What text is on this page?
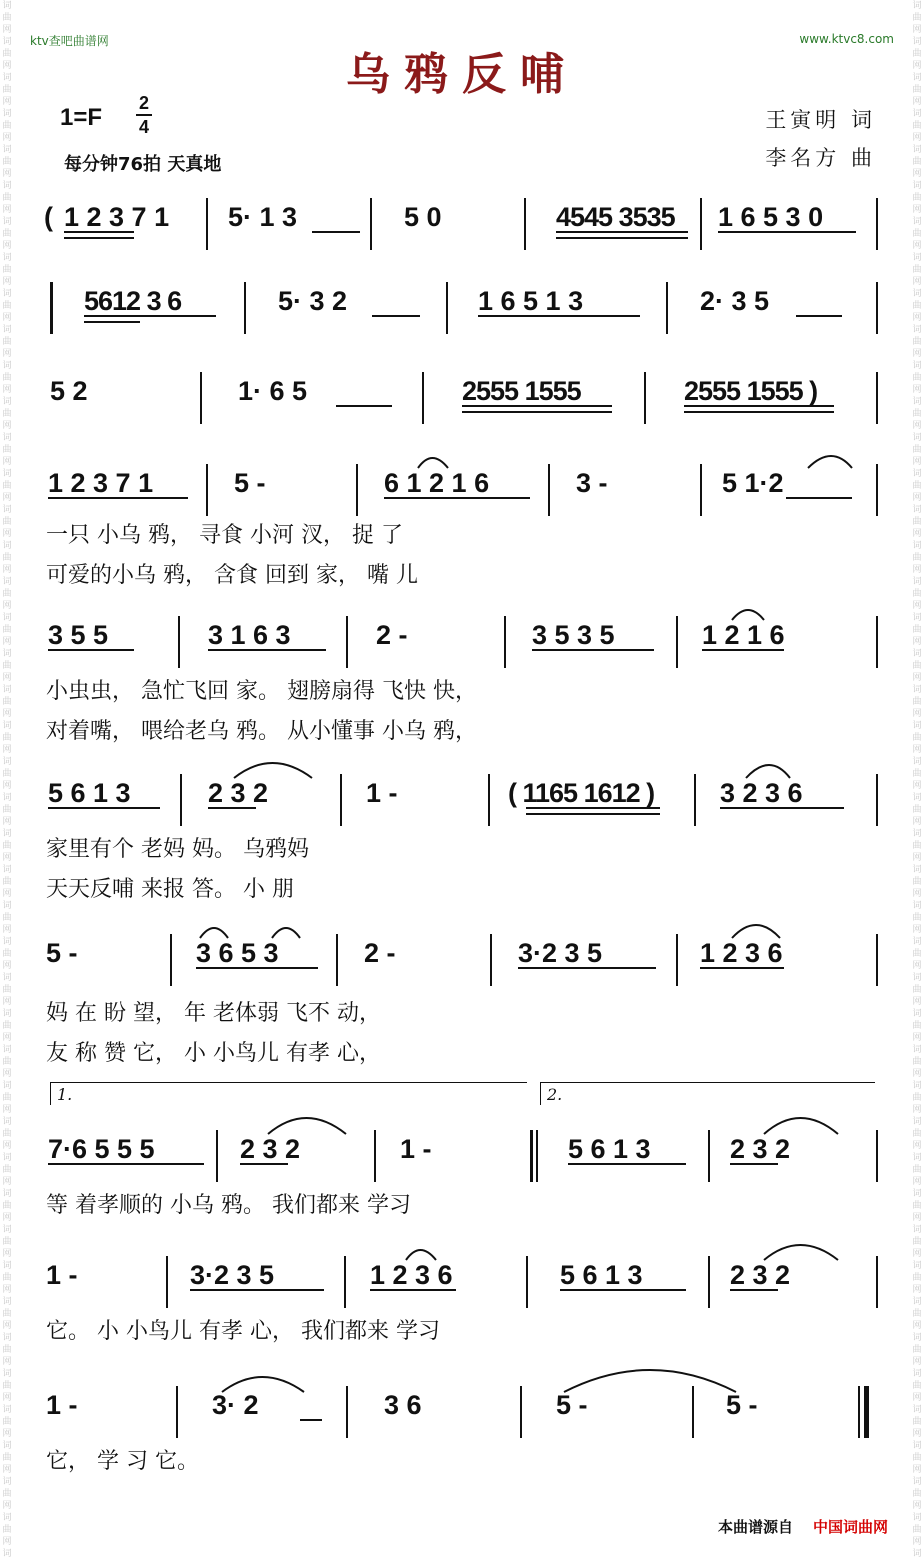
词
曲
网
词
曲
网
词
曲
网
词
曲
网
词
曲
网
词
曲
网
词
曲
网
词
曲
网
词
曲
网
词
曲
网
词
曲
网
词
曲
网
词
曲
网
词
曲
网
词
曲
网
词
曲
网
词
曲
网
词
曲
网
词
曲
网
词
曲
网
词
曲
网
词
曲
网
词
曲
网
词
曲
网
词
曲
网
词
曲
网
词
曲
网
词
曲
网
词
曲
网
词
曲
网
词
曲
网
词
曲
网
词
曲
网
词
曲
网
词
曲
网
词
曲
网
词
曲
网
词
曲
网
词
曲
网
词
曲
网
词
曲
网
词
曲
网
词
曲
网
词

词
曲
网
词
曲
网
词
曲
网
词
曲
网
词
曲
网
词
曲
网
词
曲
网
词
曲
网
词
曲
网
词
曲
网
词
曲
网
词
曲
网
词
曲
网
词
曲
网
词
曲
网
词
曲
网
词
曲
网
词
曲
网
词
曲
网
词
曲
网
词
曲
网
词
曲
网
词
曲
网
词
曲
网
词
曲
网
词
曲
网
词
曲
网
词
曲
网
词
曲
网
词
曲
网
词
曲
网
词
曲
网
词
曲
网
词
曲
网
词
曲
网
词
曲
网
词
曲
网
词
曲
网
词
曲
网
词
曲
网
词
曲
网
词
曲
网
词
曲
网
词

ktv查吧曲谱网	www.ktvc8.com
乌鸦反哺
1=F
2
4
每分钟76拍 天真地
王寅明 词
李名方 曲
( 1 2 3 7 1 5· 1 3	5 0	4545 3535 1 6 5 3 0
5612 3 6	5· 3 2	1 6 5 1 3	2· 3 5
5 2	1· 6 5	2555 1555	2555 1555 )
1 2 3 7 1	5 -	6 1 2 1 6	3 -	5 1·2
一只 小乌 鸦， 寻食 小河 汊， 捉 了
可爱的小乌 鸦， 含食 回到 家， 嘴 儿
3 5 5	3 1 6 3	2 -	3 5 3 5	1 2 1 6
小虫虫， 急忙飞回 家。 翅膀扇得 飞快 快，
对着嘴， 喂给老乌 鸦。 从小懂事 小乌 鸦，
5 6 1 3	2 3 2	1 -	( 1165 1612 ) 3 2 3 6
家里有个 老妈 妈。 乌鸦妈
天天反哺 来报 答。 小 朋
5 -	3 6 5 3	2 -	3·2 3 5	1 2 3 6
妈 在 盼 望， 年 老体弱 飞不 动，
友 称 赞 它， 小 小鸟儿 有孝 心，
7·6 5 5 5	2 3 2	1 -	5 6 1 3	2 3 2
等 着孝顺的 小乌 鸦。 我们都来 学习
1 -	3·2 3 5	1 2 3 6	5 6 1 3	2 3 2
它。 小 小鸟儿 有孝 心， 我们都来 学习
1 -	3· 2	3 6	5 -	5 -
它， 学 习 它。
1.	2.
本曲谱源自 中国词曲网
